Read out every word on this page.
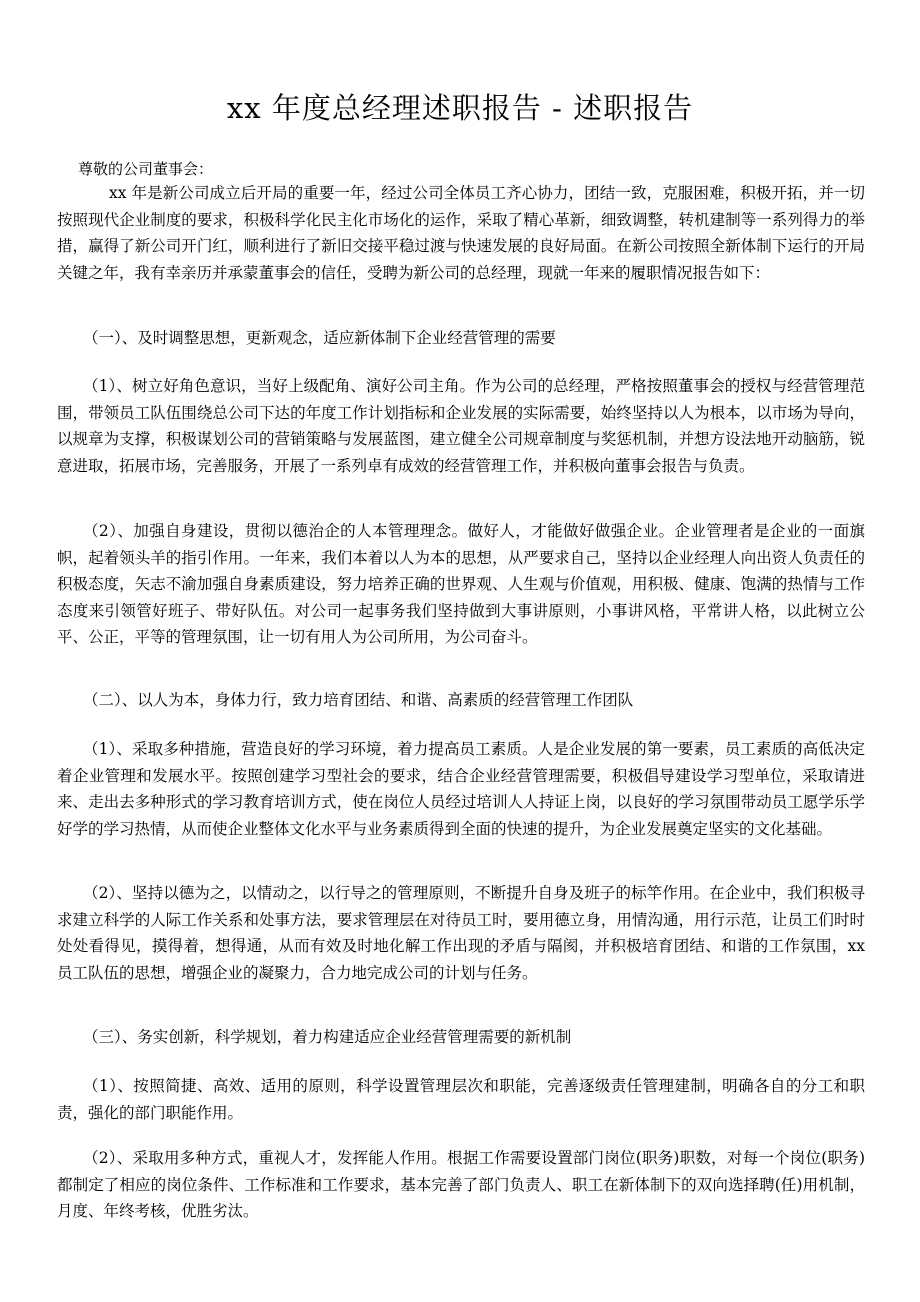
xx 年度总经理述职报告 - 述职报告

尊敬的公司董事会：

xx 年是新公司成立后开局的重要一年，经过公司全体员工齐心协力，团结一致，克服困难，积极开拓，并一切按照现代企业制度的要求，积极科学化民主化市场化的运作，采取了精心革新，细致调整，转机建制等一系列得力的举措，赢得了新公司开门红，顺利进行了新旧交接平稳过渡与快速发展的良好局面。在新公司按照全新体制下运行的开局关键之年，我有幸亲历并承蒙董事会的信任，受聘为新公司的总经理，现就一年来的履职情况报告如下：

（一）、及时调整思想，更新观念，适应新体制下企业经营管理的需要

（1）、树立好角色意识，当好上级配角、演好公司主角。作为公司的总经理，严格按照董事会的授权与经营管理范围，带领员工队伍围绕总公司下达的年度工作计划指标和企业发展的实际需要，始终坚持以人为根本，以市场为导向，以规章为支撑，积极谋划公司的营销策略与发展蓝图，建立健全公司规章制度与奖惩机制，并想方设法地开动脑筋，锐意进取，拓展市场，完善服务，开展了一系列卓有成效的经营管理工作，并积极向董事会报告与负责。

（2）、加强自身建设，贯彻以德治企的人本管理理念。做好人，才能做好做强企业。企业管理者是企业的一面旗帜，起着领头羊的指引作用。一年来，我们本着以人为本的思想，从严要求自己，坚持以企业经理人向出资人负责任的积极态度，矢志不渝加强自身素质建设，努力培养正确的世界观、人生观与价值观，用积极、健康、饱满的热情与工作态度来引领管好班子、带好队伍。对公司一起事务我们坚持做到大事讲原则，小事讲风格，平常讲人格，以此树立公平、公正，平等的管理氛围，让一切有用人为公司所用，为公司奋斗。

（二）、以人为本，身体力行，致力培育团结、和谐、高素质的经营管理工作团队

（1）、采取多种措施，营造良好的学习环境，着力提高员工素质。人是企业发展的第一要素，员工素质的高低决定着企业管理和发展水平。按照创建学习型社会的要求，结合企业经营管理需要，积极倡导建设学习型单位，采取请进来、走出去多种形式的学习教育培训方式，使在岗位人员经过培训人人持证上岗，以良好的学习氛围带动员工愿学乐学好学的学习热情，从而使企业整体文化水平与业务素质得到全面的快速的提升，为企业发展奠定坚实的文化基础。

（2）、坚持以德为之，以情动之，以行导之的管理原则，不断提升自身及班子的标竿作用。在企业中，我们积极寻求建立科学的人际工作关系和处事方法，要求管理层在对待员工时，要用德立身，用情沟通，用行示范，让员工们时时处处看得见，摸得着，想得通，从而有效及时地化解工作出现的矛盾与隔阂，并积极培育团结、和谐的工作氛围，xx 员工队伍的思想，增强企业的凝聚力，合力地完成公司的计划与任务。

（三）、务实创新，科学规划，着力构建适应企业经营管理需要的新机制

（1）、按照简捷、高效、适用的原则，科学设置管理层次和职能，完善逐级责任管理建制，明确各自的分工和职责，强化的部门职能作用。

（2）、采取用多种方式，重视人才，发挥能人作用。根据工作需要设置部门岗位(职务)职数，对每一个岗位(职务)都制定了相应的岗位条件、工作标准和工作要求，基本完善了部门负责人、职工在新体制下的双向选择聘(任)用机制，月度、年终考核，优胜劣汰。
